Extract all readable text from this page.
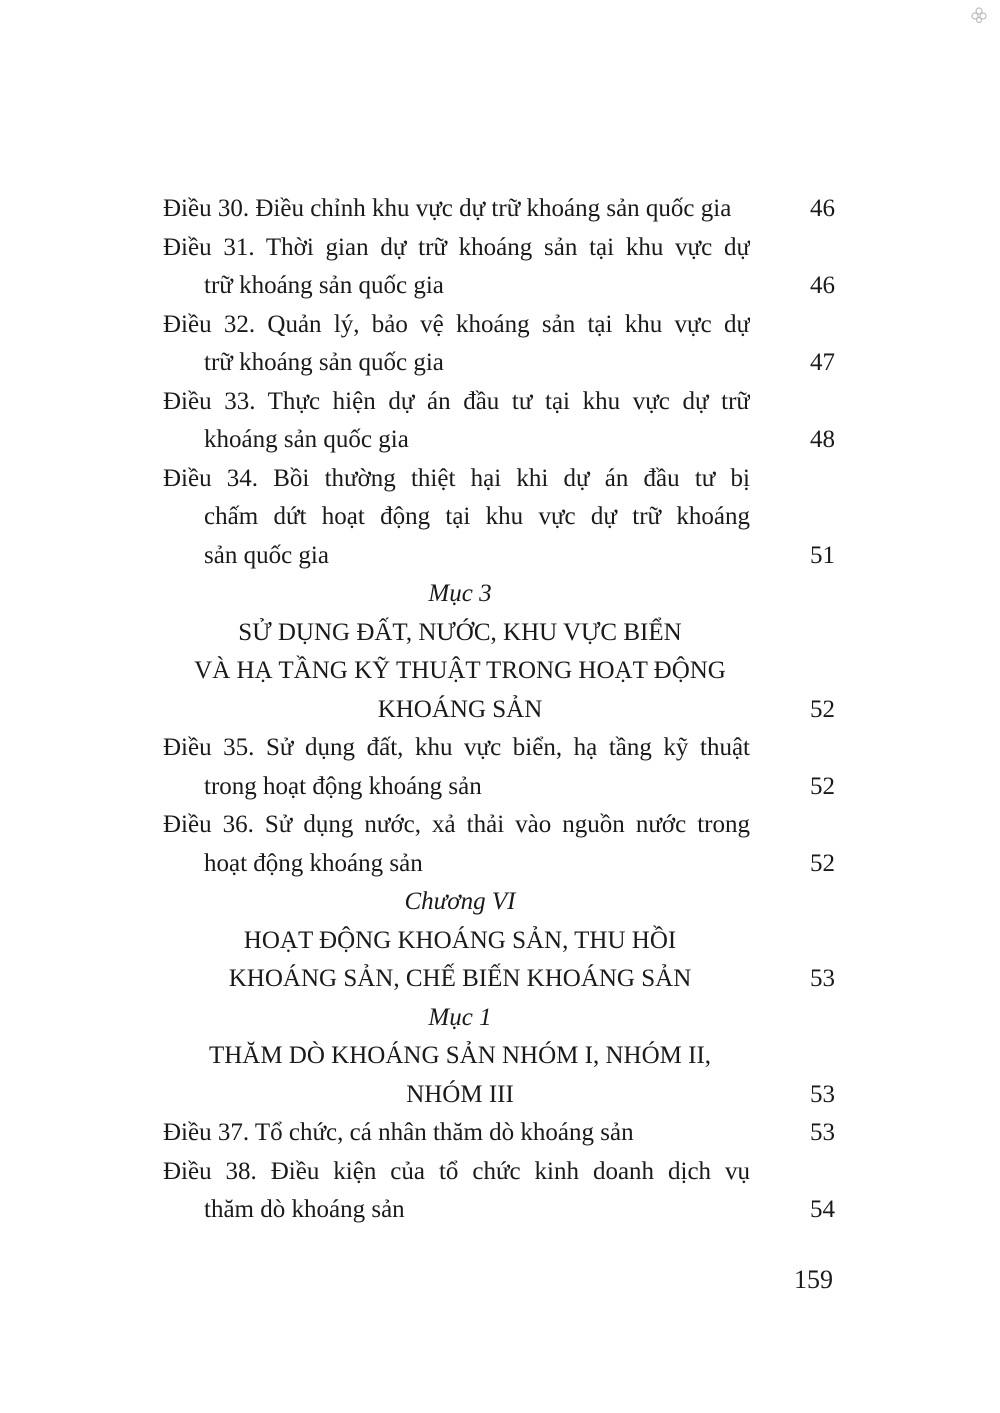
Điều 30. Điều chỉnh khu vực dự trữ khoáng sản quốc gia	46
Điều 31. Thời gian dự trữ khoáng sản tại khu vực dự
trữ khoáng sản quốc gia	46
Điều 32. Quản lý, bảo vệ khoáng sản tại khu vực dự
trữ khoáng sản quốc gia	47
Điều 33. Thực hiện dự án đầu tư tại khu vực dự trữ
khoáng sản quốc gia	48
Điều 34. Bồi thường thiệt hại khi dự án đầu tư bị
chấm dứt hoạt động tại khu vực dự trữ khoáng
sản quốc gia	51
Mục 3
SỬ DỤNG ĐẤT, NƯỚC, KHU VỰC BIỂN
VÀ HẠ TẦNG KỸ THUẬT TRONG HOẠT ĐỘNG
KHOÁNG SẢN	52
Điều 35. Sử dụng đất, khu vực biển, hạ tầng kỹ thuật
trong hoạt động khoáng sản	52
Điều 36. Sử dụng nước, xả thải vào nguồn nước trong
hoạt động khoáng sản	52
Chương VI
HOẠT ĐỘNG KHOÁNG SẢN, THU HỒI
KHOÁNG SẢN, CHẾ BIẾN KHOÁNG SẢN	53
Mục 1
THĂM DÒ KHOÁNG SẢN NHÓM I, NHÓM II,
NHÓM III	53
Điều 37. Tổ chức, cá nhân thăm dò khoáng sản	53
Điều 38. Điều kiện của tổ chức kinh doanh dịch vụ
thăm dò khoáng sản	54
159
